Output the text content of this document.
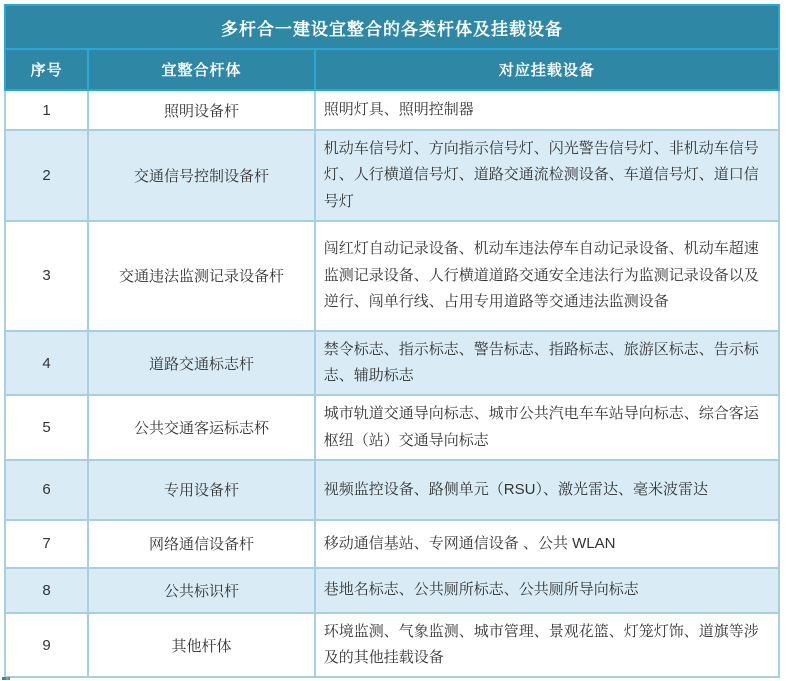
多杆合一建设宜整合的各类杆体及挂载设备		
序号	宜整合杆体	对应挂载设备
1	照明设备杆	照明灯具、照明控制器
2	交通信号控制设备杆	机动车信号灯、方向指示信号灯、闪光警告信号灯、非机动车信号灯、人行横道信号灯、道路交通流检测设备、车道信号灯、道口信号灯
3	交通违法监测记录设备杆	闯红灯自动记录设备、机动车违法停车自动记录设备、机动车超速监测记录设备、人行横道道路交通安全违法行为监测记录设备以及逆行、闯单行线、占用专用道路等交通违法监测设备
4	道路交通标志杆	禁令标志、指示标志、警告标志、指路标志、旅游区标志、告示标志、辅助标志
5	公共交通客运标志杯	城市轨道交通导向标志、城市公共汽电车车站导向标志、综合客运枢纽（站）交通导向标志
6	专用设备杆	视频监控设备、路侧单元（RSU）、激光雷达、毫米波雷达
7	网络通信设备杆	移动通信基站、专网通信设备 、公共 WLAN
8	公共标识杆	巷地名标志、公共厕所标志、公共厕所导向标志
9	其他杆体	环境监测、气象监测、城市管理、景观花篮、灯笼灯饰、道旗等涉及的其他挂载设备
